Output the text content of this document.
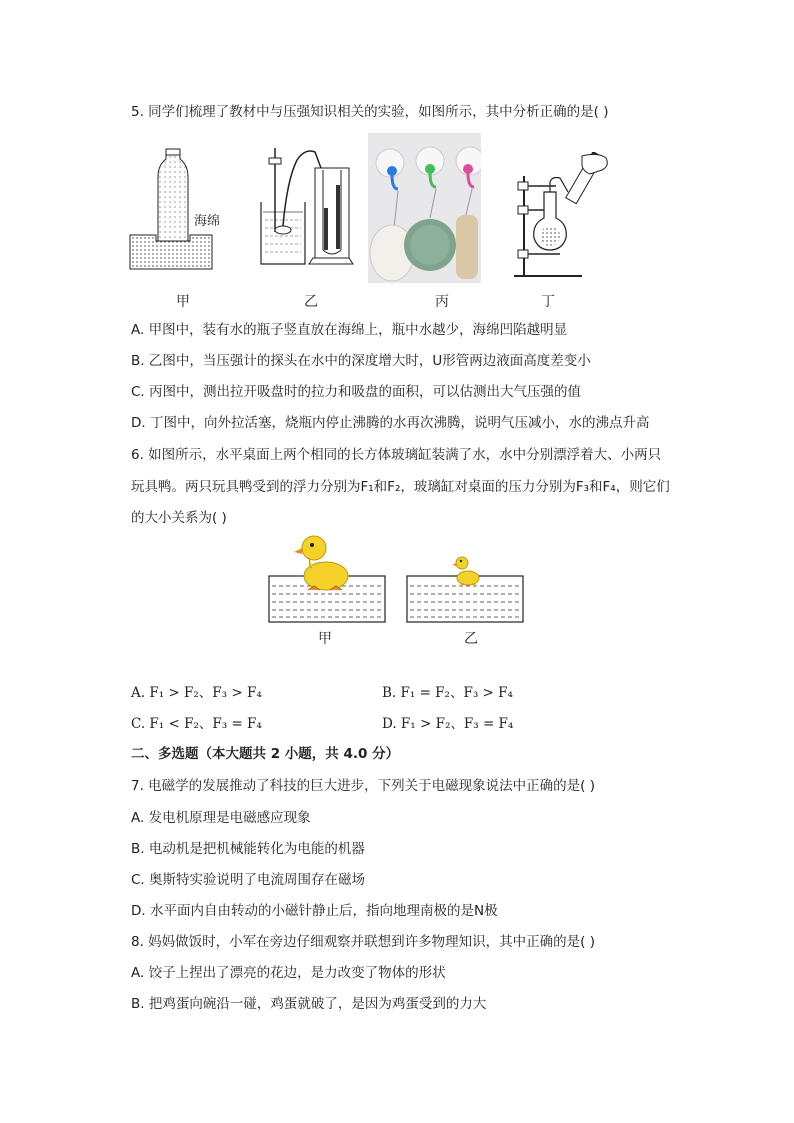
5. 同学们梳理了教材中与压强知识相关的实验，如图所示，其中分析正确的是( )
海绵
甲	乙	丙	丁
A. 甲图中，装有水的瓶子竖直放在海绵上，瓶中水越少，海绵凹陷越明显
B. 乙图中，当压强计的探头在水中的深度增大时，U形管两边液面高度差变小
C. 丙图中，测出拉开吸盘时的拉力和吸盘的面积，可以估测出大气压强的值
D. 丁图中，向外拉活塞，烧瓶内停止沸腾的水再次沸腾，说明气压减小，水的沸点升高
6. 如图所示，水平桌面上两个相同的长方体玻璃缸装满了水，水中分别漂浮着大、小两只
玩具鸭。两只玩具鸭受到的浮力分别为F₁和F₂，玻璃缸对桌面的压力分别为F₃和F₄，则它们
的大小关系为( )
甲	乙
A. F₁ > F₂、F₃ > F₄	B. F₁ = F₂、F₃ > F₄
C. F₁ < F₂、F₃ = F₄	D. F₁ > F₂、F₃ = F₄
二、多选题（本大题共 2 小题，共 4.0 分）
7. 电磁学的发展推动了科技的巨大进步，下列关于电磁现象说法中正确的是( )
A. 发电机原理是电磁感应现象
B. 电动机是把机械能转化为电能的机器
C. 奥斯特实验说明了电流周围存在磁场
D. 水平面内自由转动的小磁针静止后，指向地理南极的是N极
8. 妈妈做饭时，小军在旁边仔细观察并联想到许多物理知识，其中正确的是( )
A. 饺子上捏出了漂亮的花边，是力改变了物体的形状
B. 把鸡蛋向碗沿一碰，鸡蛋就破了，是因为鸡蛋受到的力大
